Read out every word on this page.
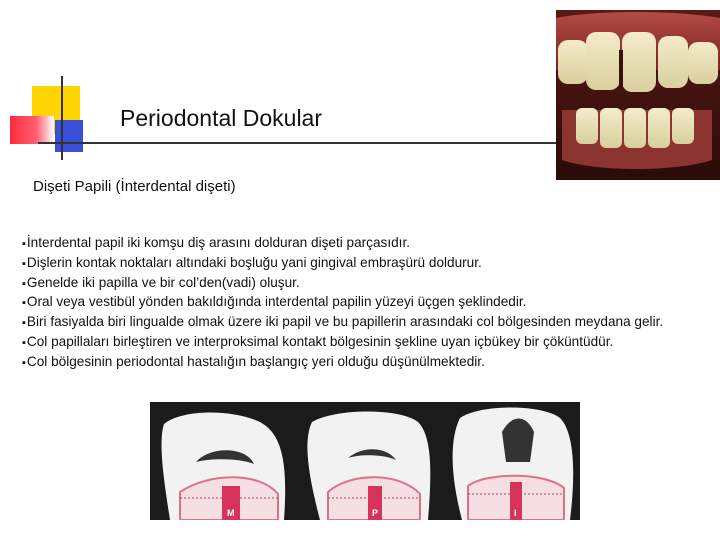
Periodontal Dokular
Dişeti Papili (İnterdental dişeti)
▪ İnterdental papil iki komşu diş arasını dolduran dişeti parçasıdır.
▪ Dişlerin kontak noktaları altındaki boşluğu yani gingival embraşürü doldurur.
▪ Genelde iki papilla ve bir col’den(vadi) oluşur.
▪ Oral veya vestibül yönden bakıldığında interdental papilin yüzeyi üçgen şeklindedir.
▪ Biri fasiyalda biri lingualde olmak üzere iki papil ve bu papillerin arasındaki col bölgesinden meydana gelir.
▪ Col papillaları birleştiren ve interproksimal kontakt bölgesinin şekline uyan içbükey bir çöküntüdür.
▪ Col bölgesinin periodontal hastalığın başlangıç yeri olduğu düşünülmektedir.
M	P	I
